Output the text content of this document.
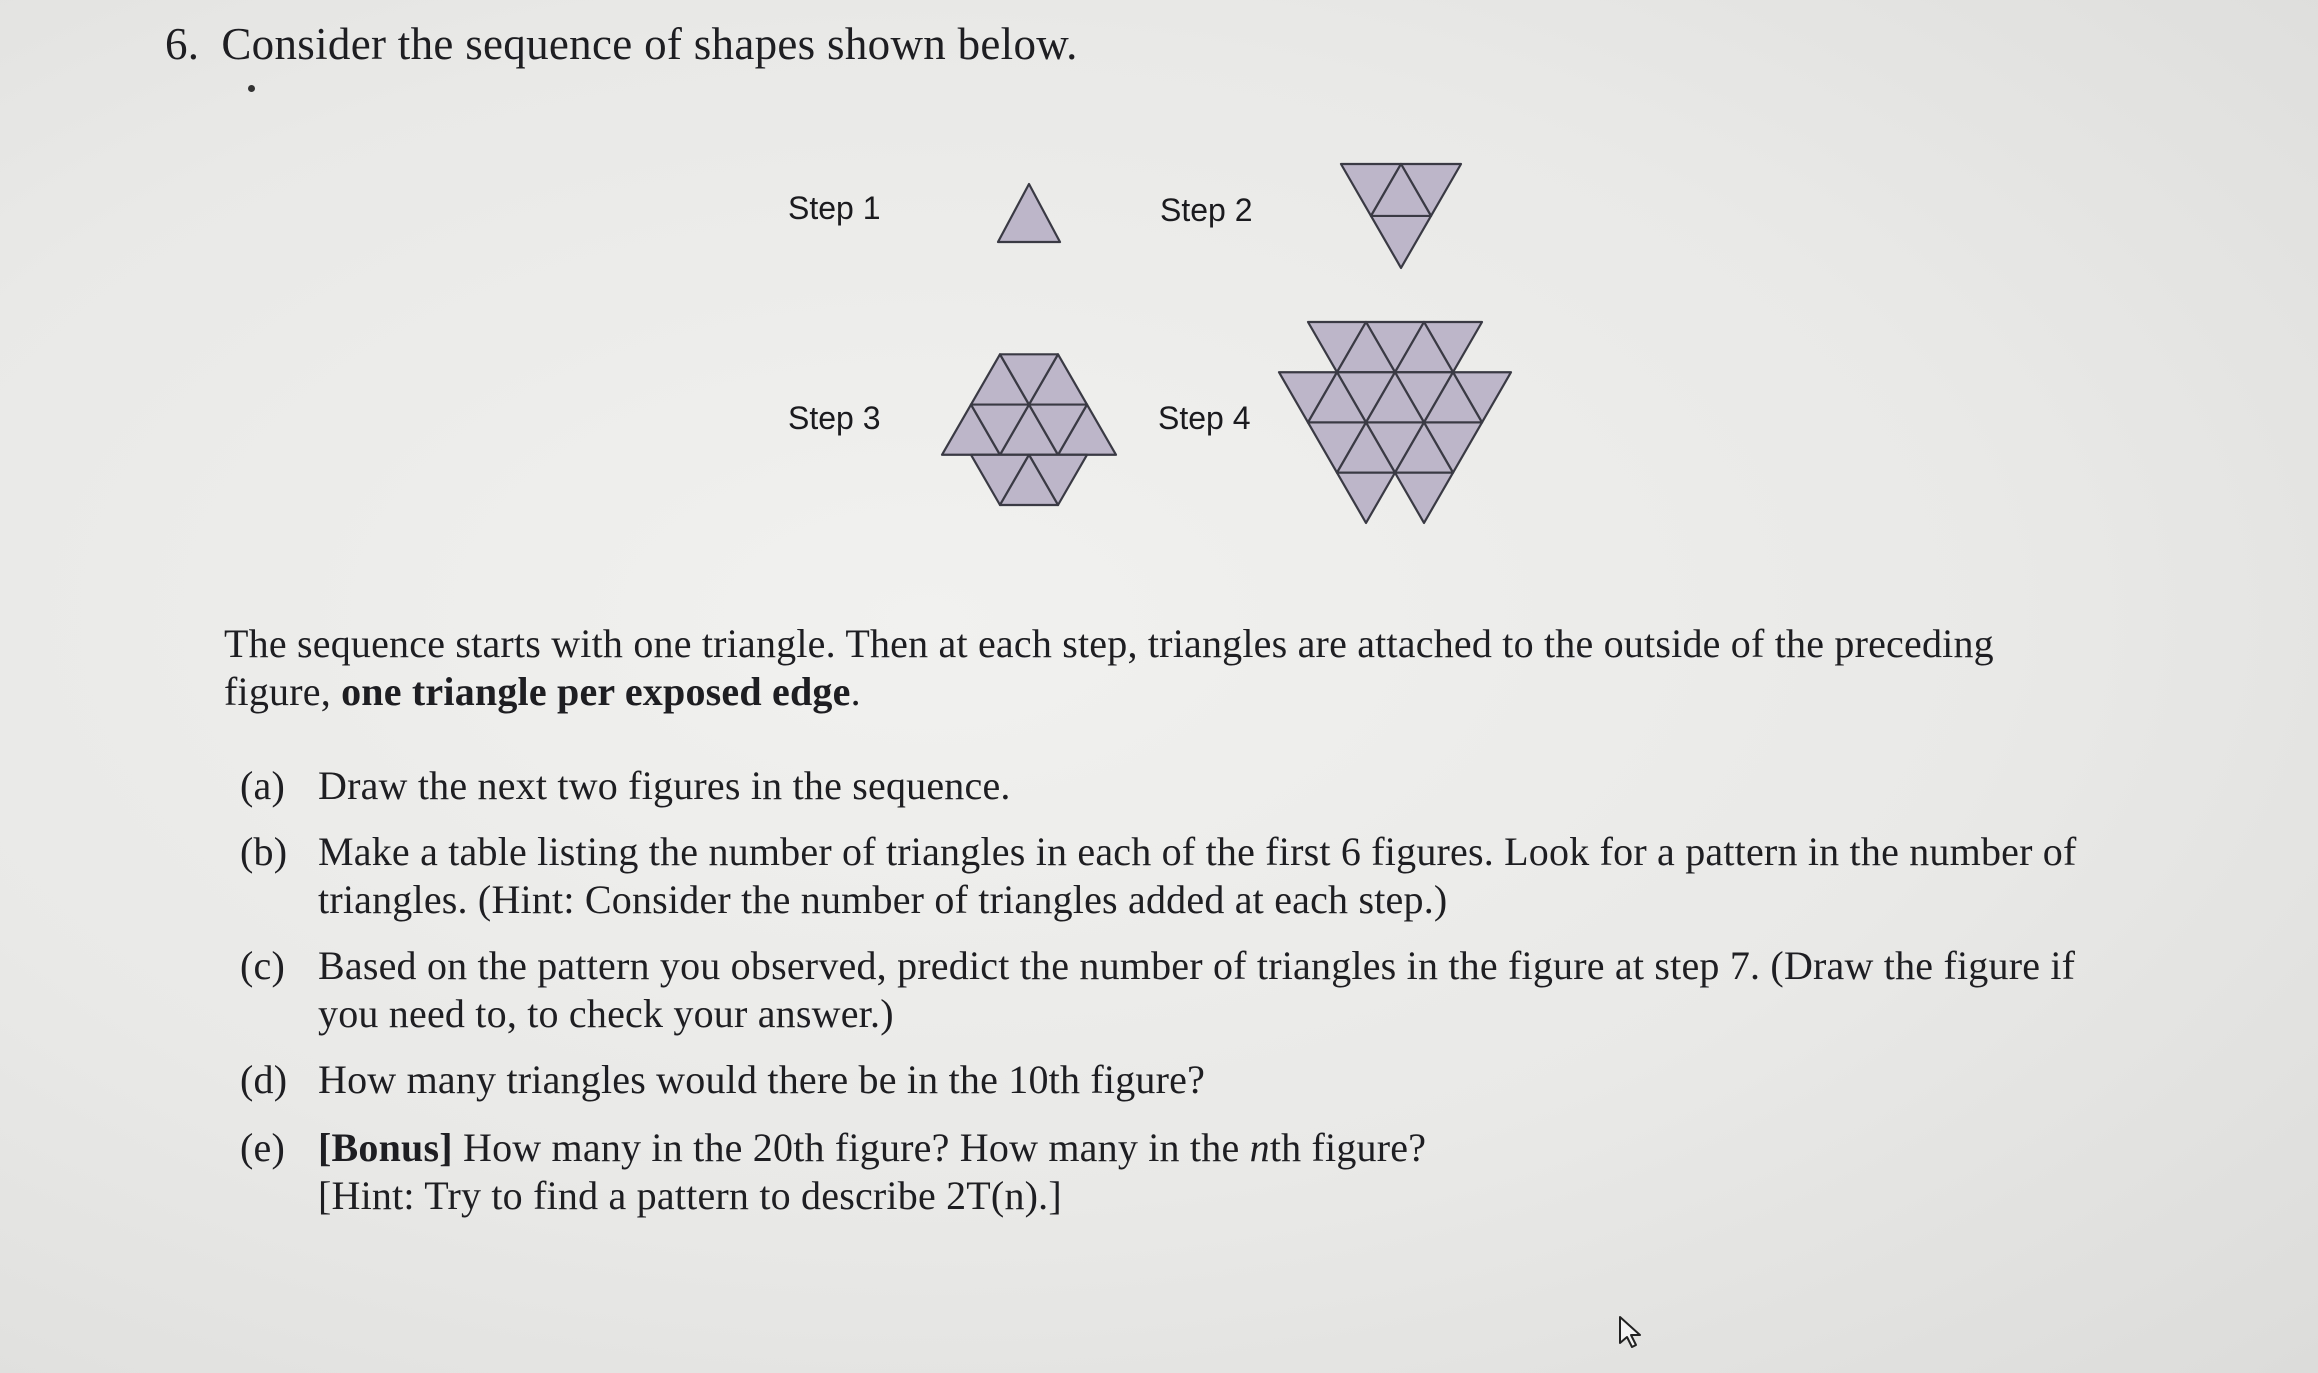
6. Consider the sequence of shapes shown below.
Step 1	Step 2
Step 3	Step 4
The sequence starts with one triangle. Then at each step, triangles are attached to the outside of the preceding figure, one triangle per exposed edge.
(a) Draw the next two figures in the sequence.
(b) Make a table listing the number of triangles in each of the first 6 figures. Look for a pattern in the number of triangles. (Hint: Consider the number of triangles added at each step.)
(c) Based on the pattern you observed, predict the number of triangles in the figure at step 7. (Draw the figure if you need to, to check your answer.)
(d) How many triangles would there be in the 10th figure?
(e) [Bonus] How many in the 20th figure? How many in the nth figure?
[Hint: Try to find a pattern to describe 2T(n).]
